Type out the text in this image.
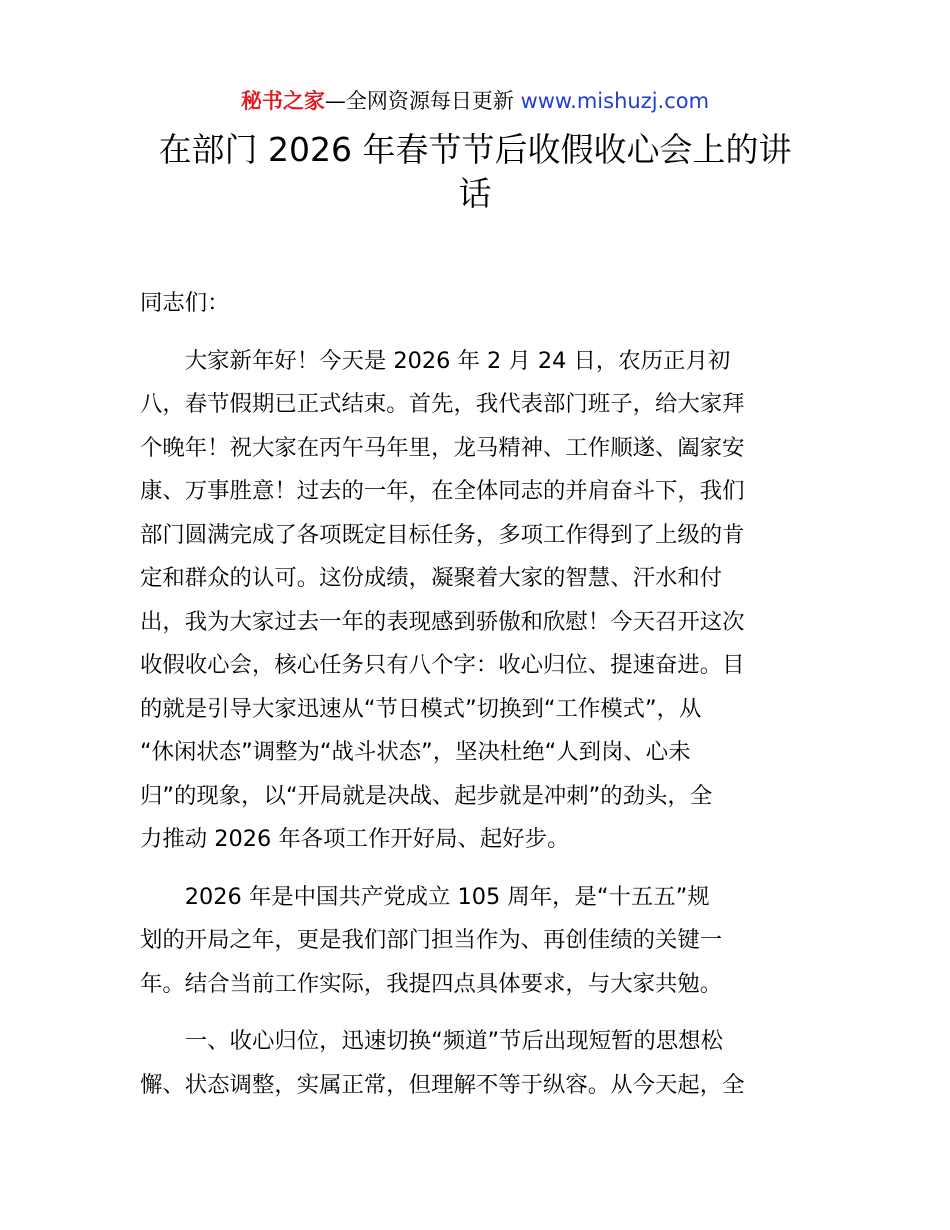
秘书之家—全网资源每日更新 www.mishuzj.com
在部门 2026 年春节节后收假收心会上的讲
话

同志们：

　　大家新年好！今天是 2026 年 2 月 24 日，农历正月初
八，春节假期已正式结束。首先，我代表部门班子，给大家拜
个晚年！祝大家在丙午马年里，龙马精神、工作顺遂、阖家安
康、万事胜意！过去的一年，在全体同志的并肩奋斗下，我们
部门圆满完成了各项既定目标任务，多项工作得到了上级的肯
定和群众的认可。这份成绩，凝聚着大家的智慧、汗水和付
出，我为大家过去一年的表现感到骄傲和欣慰！今天召开这次
收假收心会，核心任务只有八个字：收心归位、提速奋进。目
的就是引导大家迅速从“节日模式”切换到“工作模式”，从
“休闲状态”调整为“战斗状态”，坚决杜绝“人到岗、心未
归”的现象，以“开局就是决战、起步就是冲刺”的劲头，全
力推动 2026 年各项工作开好局、起好步。

　　2026 年是中国共产党成立 105 周年，是“十五五”规
划的开局之年，更是我们部门担当作为、再创佳绩的关键一
年。结合当前工作实际，我提四点具体要求，与大家共勉。

　　一、收心归位，迅速切换“频道”节后出现短暂的思想松
懈、状态调整，实属正常，但理解不等于纵容。从今天起，全
